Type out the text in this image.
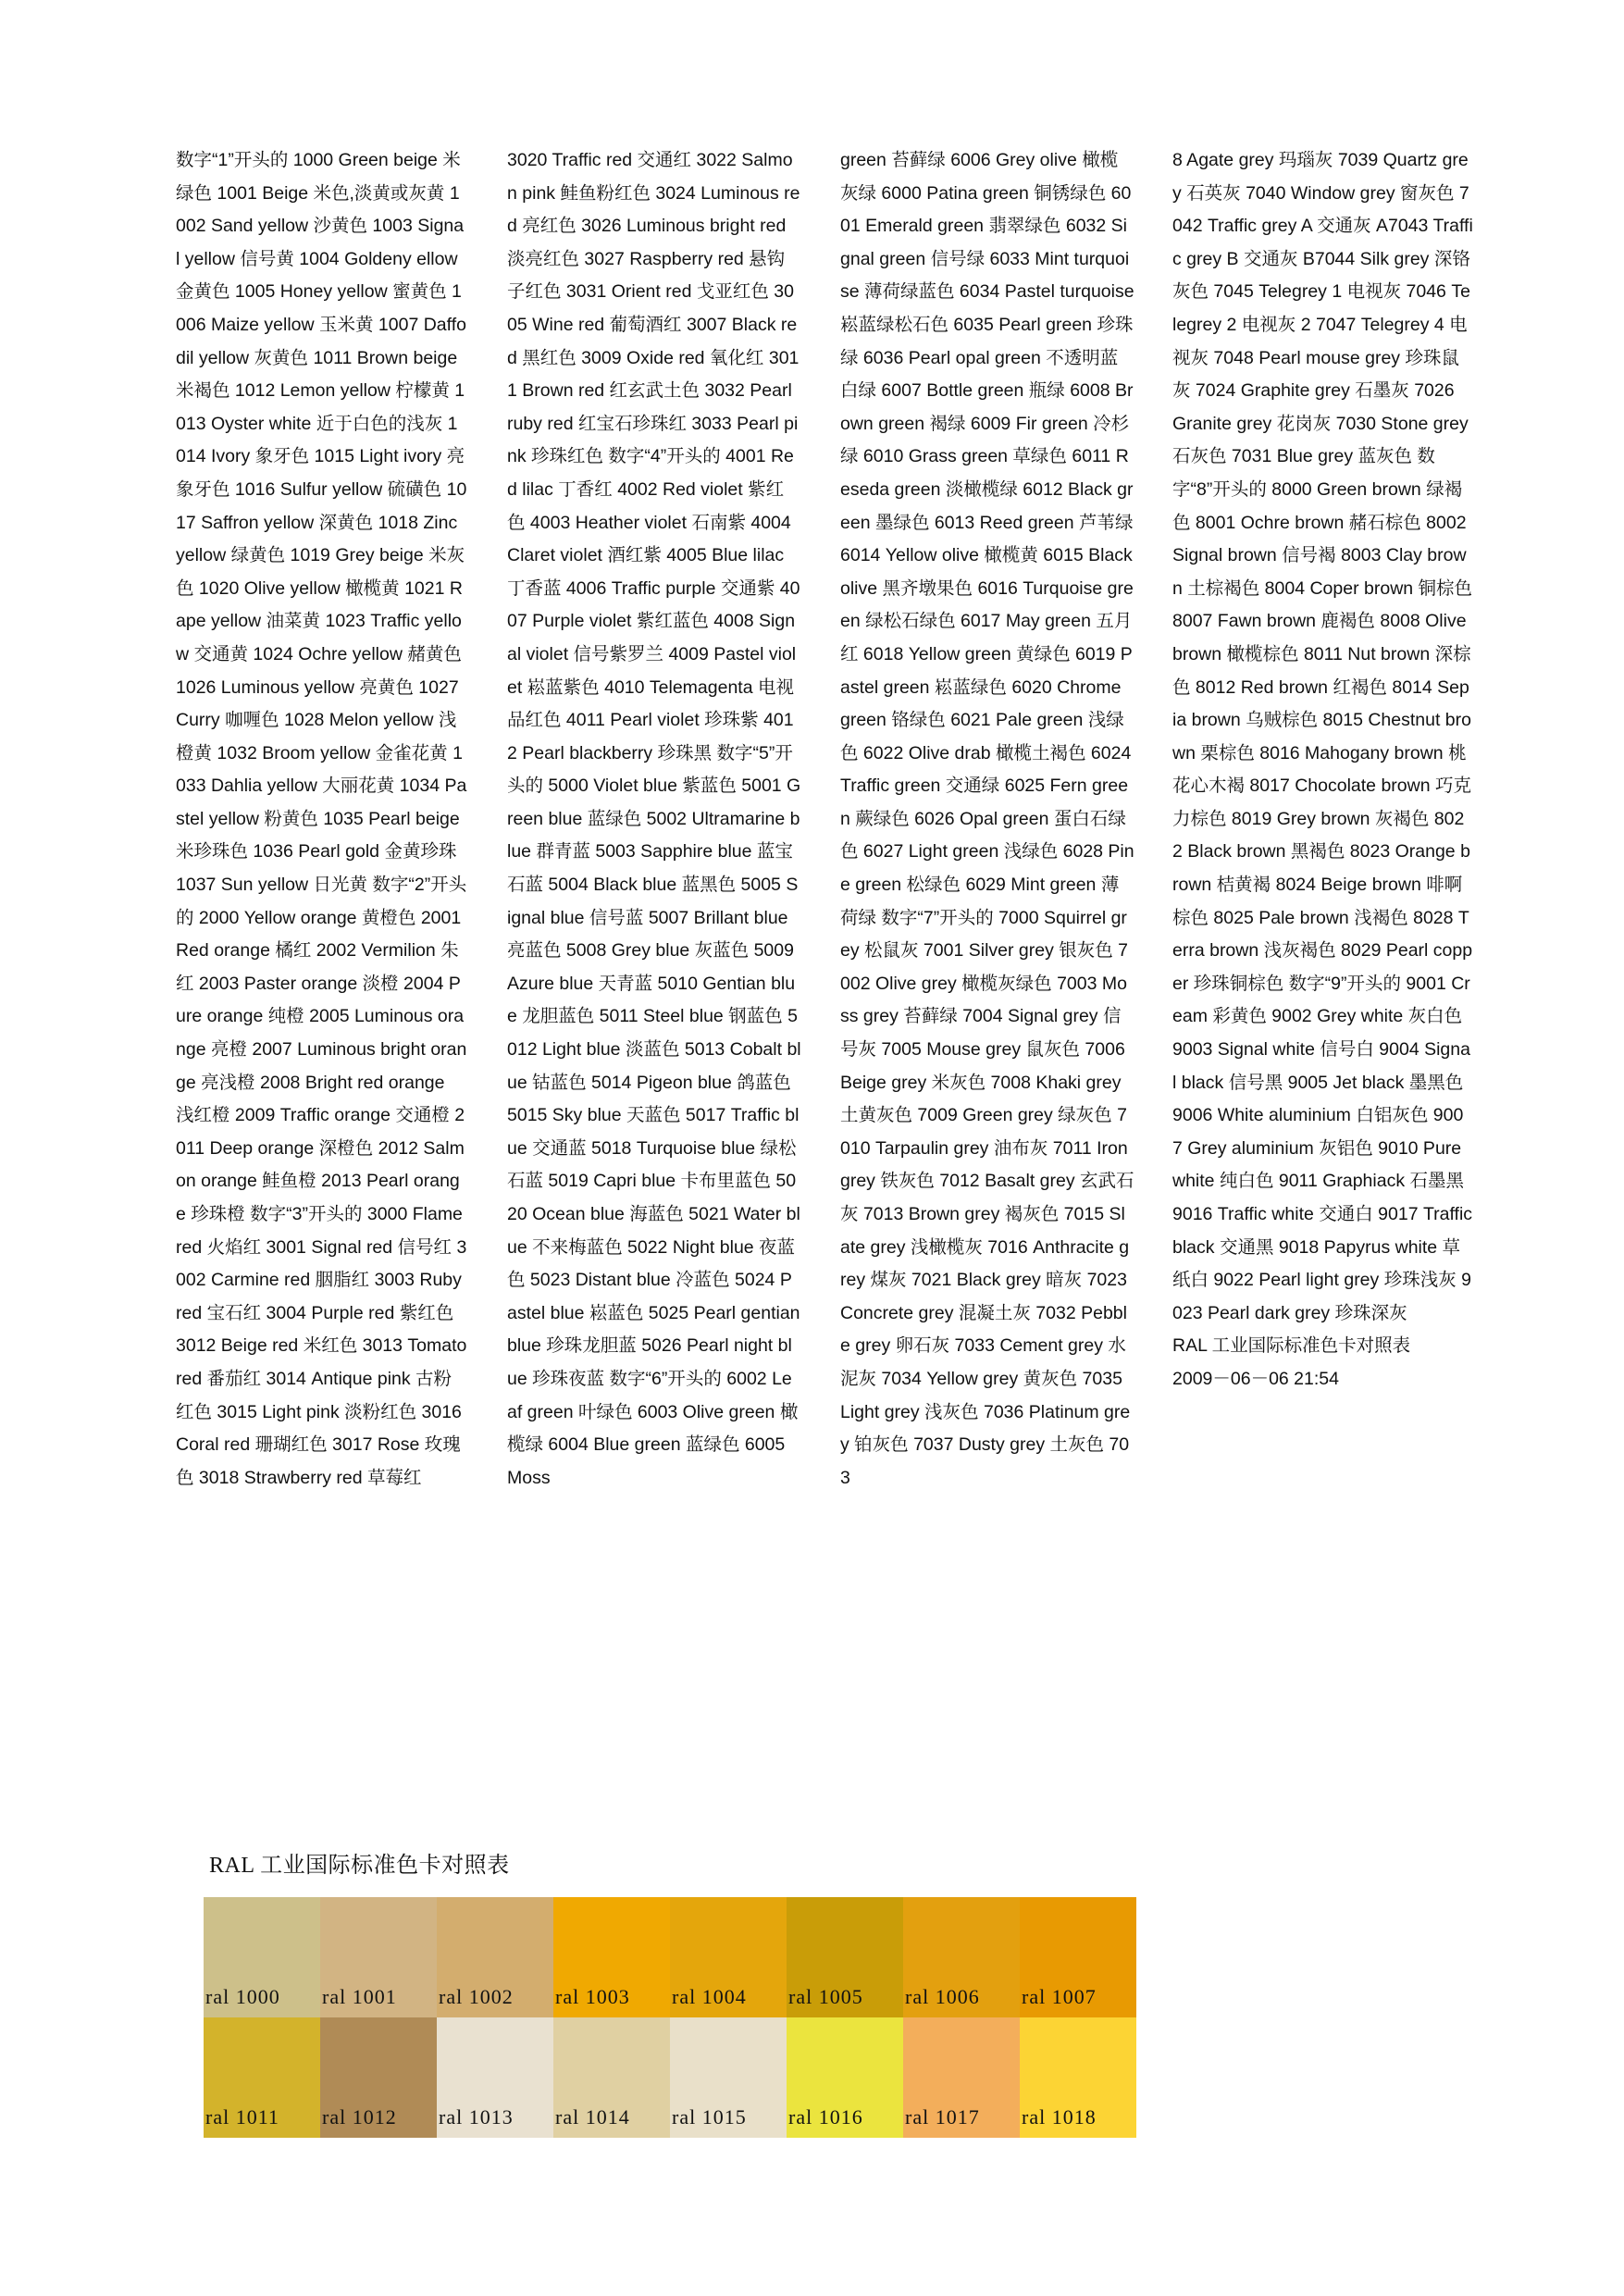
数字“1”开头的 1000 Green beige 米绿色 1001 Beige 米色,淡黄或灰黄 1002 Sand yellow 沙黄色 1003 Signal yellow 信号黄 1004 Goldeny ellow 金黄色 1005 Honey yellow 蜜黄色 1006 Maize yellow 玉米黄 1007 Daffodil yellow 灰黄色 1011 Brown beige 米褐色 1012 Lemon yellow 柠檬黄 1013 Oyster white 近于白色的浅灰 1014 Ivory 象牙色 1015 Light ivory 亮象牙色 1016 Sulfur yellow 硫磺色 1017 Saffron yellow 深黄色 1018 Zinc yellow 绿黄色 1019 Grey beige 米灰色 1020 Olive yellow 橄榄黄 1021 Rape yellow 油菜黄 1023 Traffic yellow 交通黄 1024 Ochre yellow 赭黄色 1026 Luminous yellow 亮黄色 1027 Curry 咖喱色 1028 Melon yellow 浅橙黄 1032 Broom yellow 金雀花黄 1033 Dahlia yellow 大丽花黄 1034 Pastel yellow 粉黄色 1035 Pearl beige 米珍珠色 1036 Pearl gold 金黄珍珠 1037 Sun yellow 日光黄 数字“2”开头的 2000 Yellow orange 黄橙色 2001 Red orange 橘红 2002 Vermilion 朱红 2003 Paster orange 淡橙 2004 Pure orange 纯橙 2005 Luminous orange 亮橙 2007 Luminous bright orange 亮浅橙 2008 Bright red orange 浅红橙 2009 Traffic orange 交通橙 2011 Deep orange 深橙色 2012 Salmon orange 鲑鱼橙 2013 Pearl orange 珍珠橙 数字“3”开头的 3000 Flame red 火焰红 3001 Signal red 信号红 3002 Carmine red 胭脂红 3003 Ruby red 宝石红 3004 Purple red 紫红色 3012 Beige red 米红色 3013 Tomato red 番茄红 3014 Antique pink 古粉红色 3015 Light pink 淡粉红色 3016 Coral red 珊瑚红色 3017 Rose 玫瑰色 3018 Strawberry red 草莓红
3020 Traffic red 交通红 3022 Salmon pink 鲑鱼粉红色 3024 Luminous red 亮红色 3026 Luminous bright red 淡亮红色 3027 Raspberry red 悬钩子红色 3031 Orient red 戈亚红色 3005 Wine red 葡萄酒红 3007 Black red 黑红色 3009 Oxide red 氧化红 3011 Brown red 红玄武土色 3032 Pearl ruby red 红宝石珍珠红 3033 Pearl pink 珍珠红色 数字“4”开头的 4001 Red lilac 丁香红 4002 Red violet 紫红色 4003 Heather violet 石南紫 4004 Claret violet 酒红紫 4005 Blue lilac 丁香蓝 4006 Traffic purple 交通紫 4007 Purple violet 紫红蓝色 4008 Signal violet 信号紫罗兰 4009 Pastel violet 崧蓝紫色 4010 Telemagenta 电视品红色 4011 Pearl violet 珍珠紫 4012 Pearl blackberry 珍珠黑 数字“5”开头的 5000 Violet blue 紫蓝色 5001 Green blue 蓝绿色 5002 Ultramarine blue 群青蓝 5003 Sapphire blue 蓝宝石蓝 5004 Black blue 蓝黑色 5005 Signal blue 信号蓝 5007 Brillant blue 亮蓝色 5008 Grey blue 灰蓝色 5009 Azure blue 天青蓝 5010 Gentian blue 龙胆蓝色 5011 Steel blue 钢蓝色 5012 Light blue 淡蓝色 5013 Cobalt blue 钴蓝色 5014 Pigeon blue 鸽蓝色 5015 Sky blue 天蓝色 5017 Traffic blue 交通蓝 5018 Turquoise blue 绿松石蓝 5019 Capri blue 卡布里蓝色 5020 Ocean blue 海蓝色 5021 Water blue 不来梅蓝色 5022 Night blue 夜蓝色 5023 Distant blue 冷蓝色 5024 Pastel blue 崧蓝色 5025 Pearl gentian blue 珍珠龙胆蓝 5026 Pearl night blue 珍珠夜蓝 数字“6”开头的 6002 Leaf green 叶绿色 6003 Olive green 橄榄绿 6004 Blue green 蓝绿色 6005 Moss
green 苔藓绿 6006 Grey olive 橄榄灰绿 6000 Patina green 铜锈绿色 6001 Emerald green 翡翠绿色 6032 Signal green 信号绿 6033 Mint turquoise 薄荷绿蓝色 6034 Pastel turquoise 崧蓝绿松石色 6035 Pearl green 珍珠绿 6036 Pearl opal green 不透明蓝白绿 6007 Bottle green 瓶绿 6008 Brown green 褐绿 6009 Fir green 冷杉绿 6010 Grass green 草绿色 6011 Reseda green 淡橄榄绿 6012 Black green 墨绿色 6013 Reed green 芦苇绿 6014 Yellow olive 橄榄黄 6015 Black olive 黑齐墩果色 6016 Turquoise green 绿松石绿色 6017 May green 五月红 6018 Yellow green 黄绿色 6019 Pastel green 崧蓝绿色 6020 Chrome green 铬绿色 6021 Pale green 浅绿色 6022 Olive drab 橄榄土褐色 6024 Traffic green 交通绿 6025 Fern green 蕨绿色 6026 Opal green 蛋白石绿色 6027 Light green 浅绿色 6028 Pine green 松绿色 6029 Mint green 薄荷绿 数字“7”开头的 7000 Squirrel grey 松鼠灰 7001 Silver grey 银灰色 7002 Olive grey 橄榄灰绿色 7003 Moss grey 苔藓绿 7004 Signal grey 信号灰 7005 Mouse grey 鼠灰色 7006 Beige grey 米灰色 7008 Khaki grey 土黄灰色 7009 Green grey 绿灰色 7010 Tarpaulin grey 油布灰 7011 Iron grey 铁灰色 7012 Basalt grey 玄武石灰 7013 Brown grey 褐灰色 7015 Slate grey 浅橄榄灰 7016 Anthracite grey 煤灰 7021 Black grey 暗灰 7023 Concrete grey 混凝土灰 7032 Pebble grey 卵石灰 7033 Cement grey 水泥灰 7034 Yellow grey 黄灰色 7035 Light grey 浅灰色 7036 Platinum grey 铂灰色 7037 Dusty grey 土灰色 703
8 Agate grey 玛瑙灰 7039 Quartz grey 石英灰 7040 Window grey 窗灰色 7042 Traffic grey A 交通灰 A7043 Traffic grey B 交通灰 B7044 Silk grey 深铬灰色 7045 Telegrey 1 电视灰 7046 Telegrey 2 电视灰 2 7047 Telegrey 4 电视灰 7048 Pearl mouse grey 珍珠鼠灰 7024 Graphite grey 石墨灰 7026 Granite grey 花岗灰 7030 Stone grey 石灰色 7031 Blue grey 蓝灰色 数字“8”开头的 8000 Green brown 绿褐色 8001 Ochre brown 赭石棕色 8002 Signal brown 信号褐 8003 Clay brown 土棕褐色 8004 Coper brown 铜棕色 8007 Fawn brown 鹿褐色 8008 Olive brown 橄榄棕色 8011 Nut brown 深棕色 8012 Red brown 红褐色 8014 Sepia brown 乌贼棕色 8015 Chestnut brown 栗棕色 8016 Mahogany brown 桃花心木褐 8017 Chocolate brown 巧克力棕色 8019 Grey brown 灰褐色 8022 Black brown 黑褐色 8023 Orange brown 桔黄褐 8024 Beige brown 啡啊棕色 8025 Pale brown 浅褐色 8028 Terra brown 浅灰褐色 8029 Pearl copper 珍珠铜棕色 数字“9”开头的 9001 Cream 彩黄色 9002 Grey white 灰白色 9003 Signal white 信号白 9004 Signal black 信号黑 9005 Jet black 墨黑色 9006 White aluminium 白铝灰色 9007 Grey aluminium 灰铝色 9010 Pure white 纯白色 9011 Graphiack 石墨黑 9016 Traffic white 交通白 9017 Traffic black 交通黑 9018 Papyrus white 草纸白 9022 Pearl light grey 珍珠浅灰 9023 Pearl dark grey 珍珠深灰
RAL 工业国际标准色卡对照表
2009－06－06 21:54
RAL 工业国际标准色卡对照表
ral 1000	ral 1001	ral 1002	ral 1003	ral 1004	ral 1005	ral 1006	ral 1007
ral 1011	ral 1012	ral 1013	ral 1014	ral 1015	ral 1016	ral 1017	ral 1018
